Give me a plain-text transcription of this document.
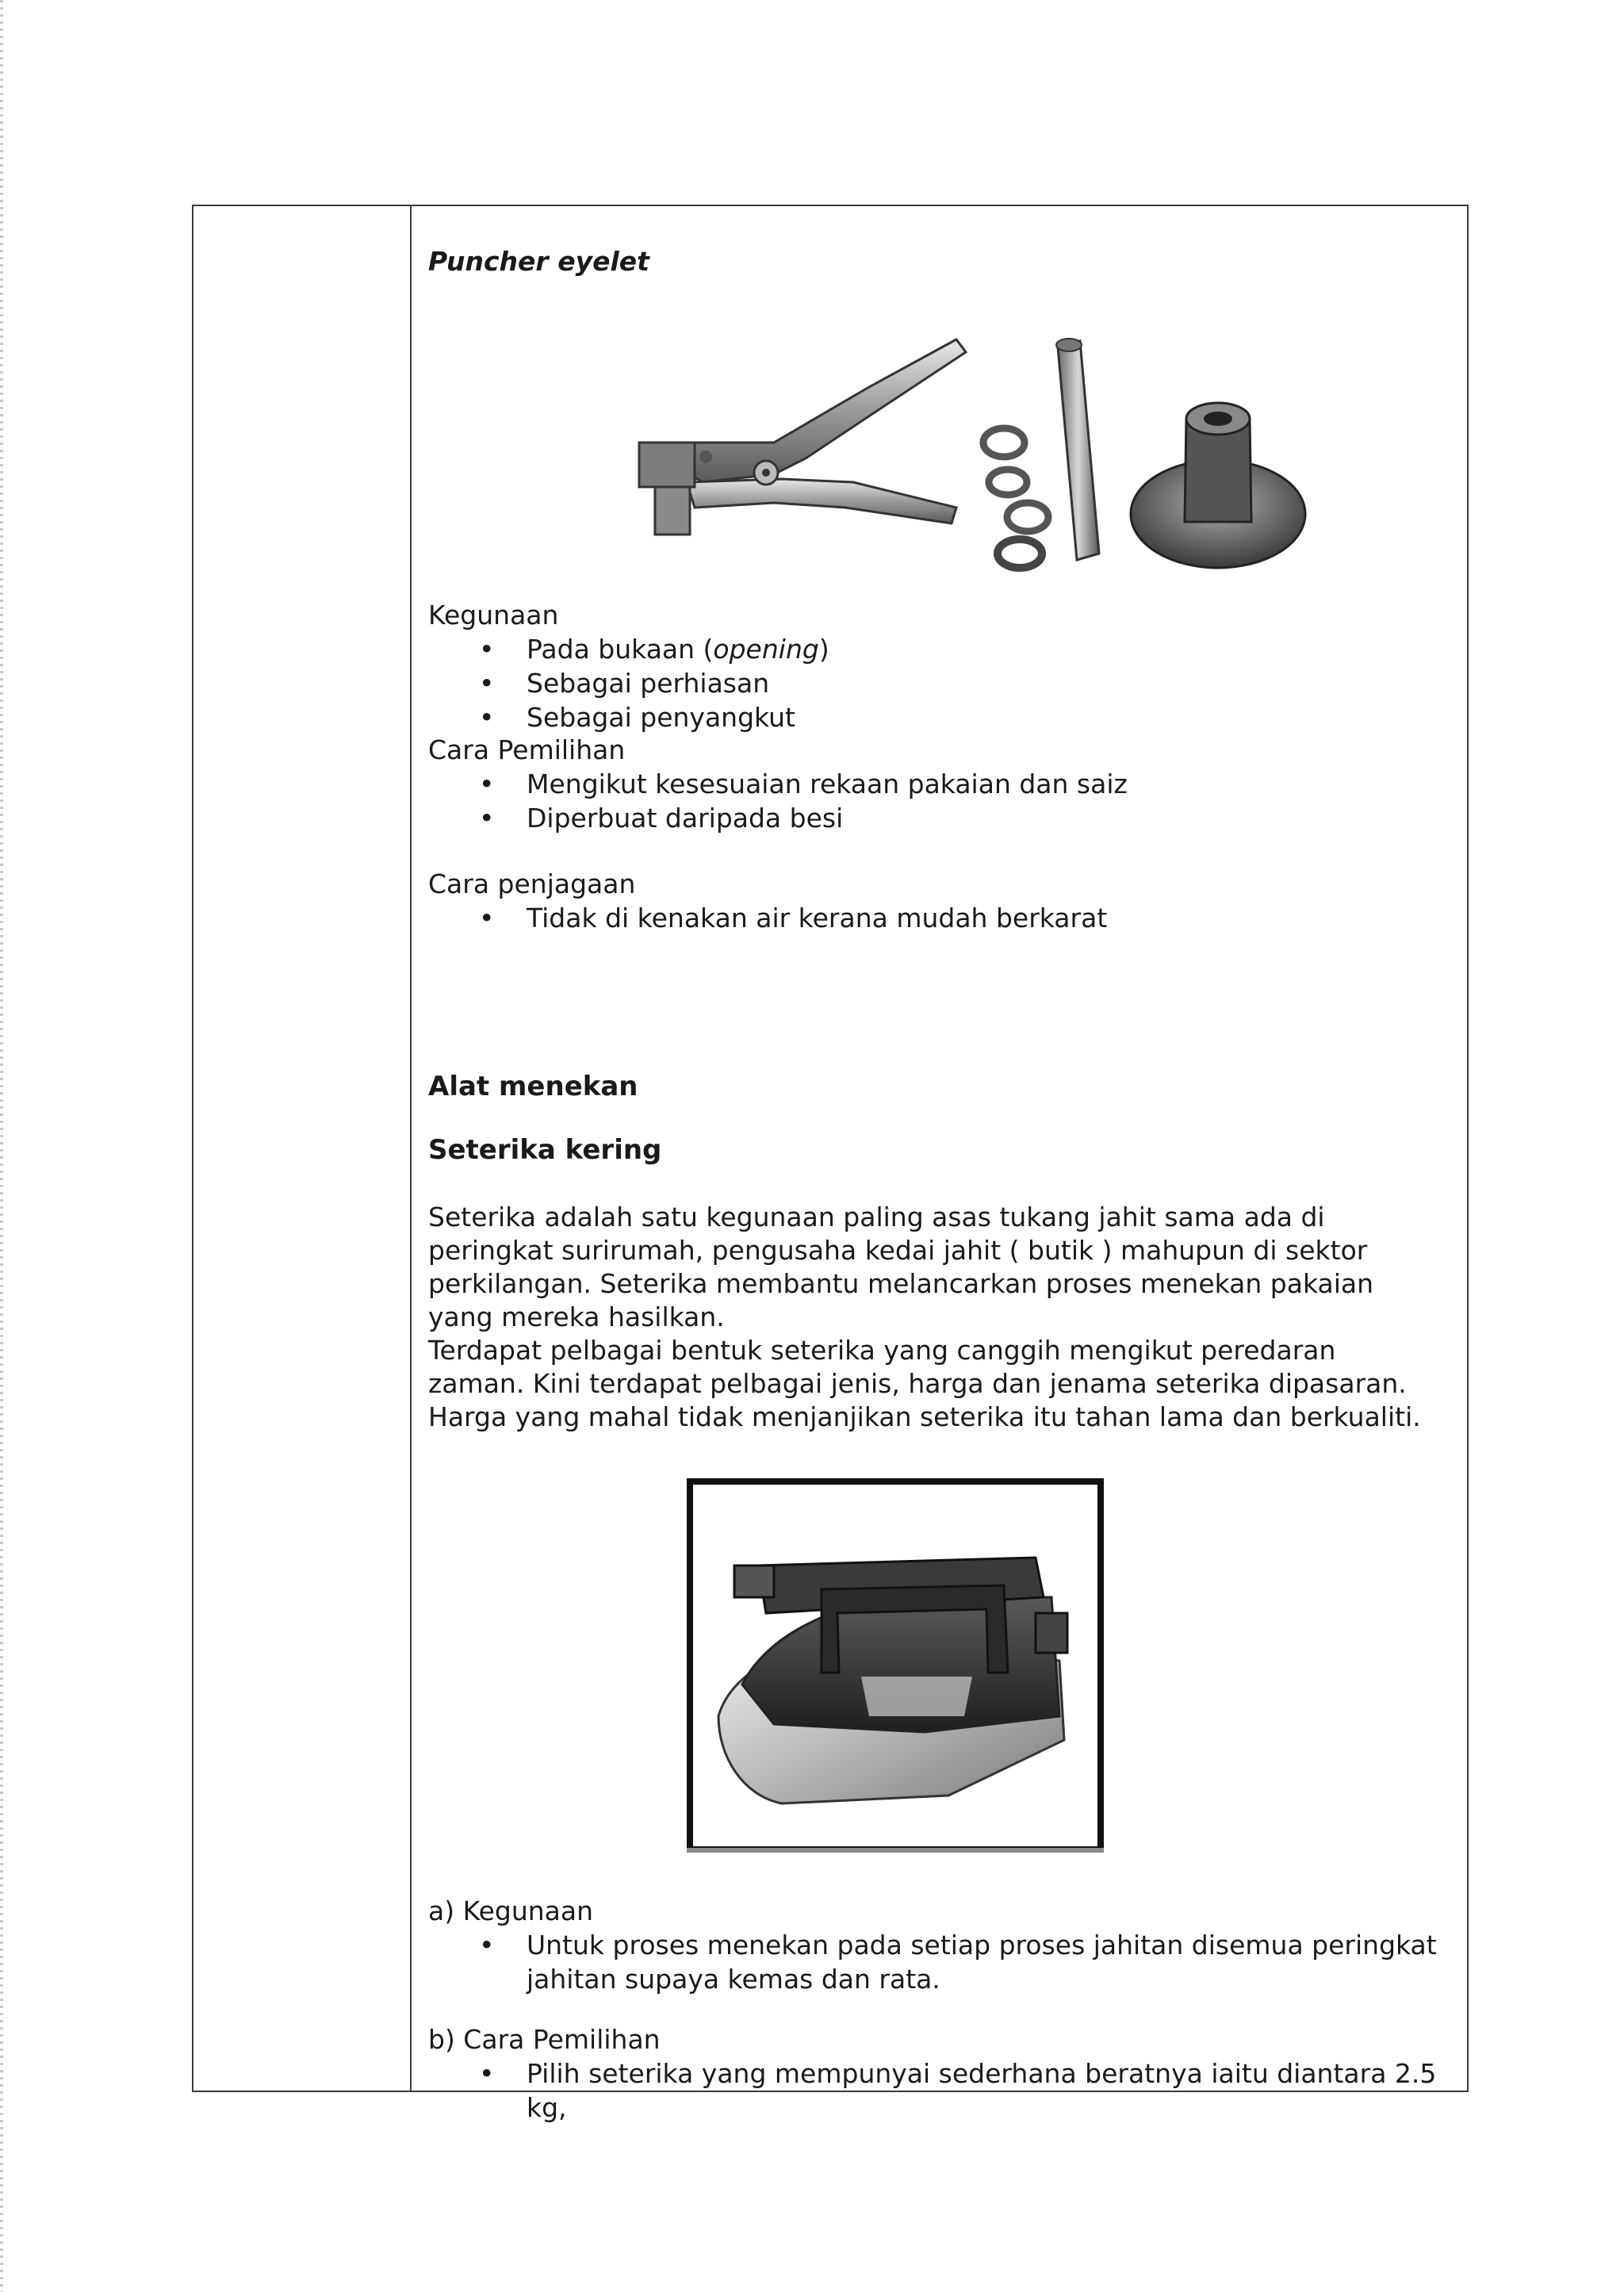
Puncher eyelet

Kegunaan

• Pada bukaan (opening)
• Sebagai perhiasan
• Sebagai penyangkut

Cara Pemilihan

• Mengikut kesesuaian rekaan pakaian dan saiz
• Diperbuat daripada besi

Cara penjagaan

• Tidak di kenakan air kerana mudah berkarat

Alat menekan

Seterika kering

Seterika adalah satu kegunaan paling asas tukang jahit sama ada di
peringkat surirumah, pengusaha kedai jahit ( butik ) mahupun di sektor
perkilangan. Seterika membantu melancarkan proses menekan pakaian
yang mereka hasilkan.
Terdapat pelbagai bentuk seterika yang canggih mengikut peredaran
zaman. Kini terdapat pelbagai jenis, harga dan jenama seterika dipasaran.
Harga yang mahal tidak menjanjikan seterika itu tahan lama dan berkualiti.

a) Kegunaan

• Untuk proses menekan pada setiap proses jahitan disemua peringkat jahitan supaya kemas dan rata.

b) Cara Pemilihan

• Pilih seterika yang mempunyai sederhana beratnya iaitu diantara 2.5 kg,
